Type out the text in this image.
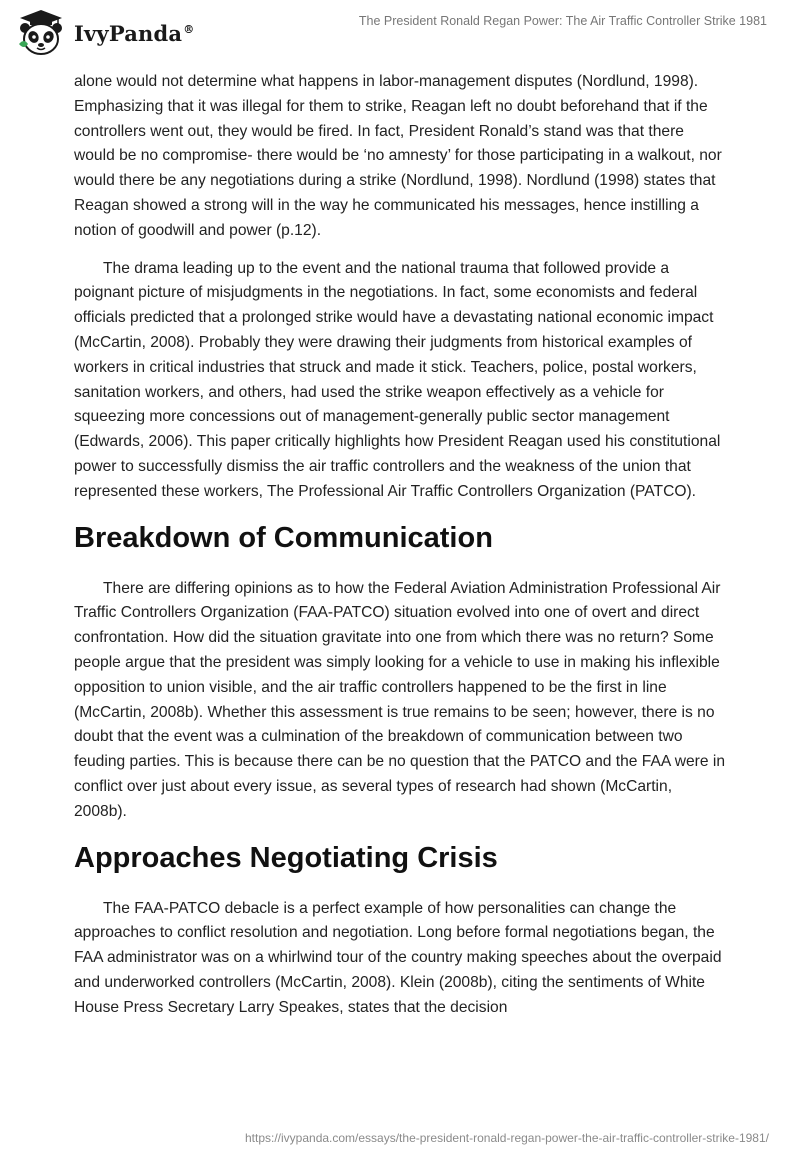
IvyPanda®
The President Ronald Regan Power: The Air Traffic Controller Strike 1981

alone would not determine what happens in labor-management disputes (Nordlund, 1998). Emphasizing that it was illegal for them to strike, Reagan left no doubt beforehand that if the controllers went out, they would be fired. In fact, President Ronald’s stand was that there would be no compromise- there would be ‘no amnesty’ for those participating in a walkout, nor would there be any negotiations during a strike (Nordlund, 1998). Nordlund (1998) states that Reagan showed a strong will in the way he communicated his messages, hence instilling a notion of goodwill and power (p.12).

The drama leading up to the event and the national trauma that followed provide a poignant picture of misjudgments in the negotiations. In fact, some economists and federal officials predicted that a prolonged strike would have a devastating national economic impact (McCartin, 2008). Probably they were drawing their judgments from historical examples of workers in critical industries that struck and made it stick. Teachers, police, postal workers, sanitation workers, and others, had used the strike weapon effectively as a vehicle for squeezing more concessions out of management-generally public sector management (Edwards, 2006). This paper critically highlights how President Reagan used his constitutional power to successfully dismiss the air traffic controllers and the weakness of the union that represented these workers, The Professional Air Traffic Controllers Organization (PATCO).

Breakdown of Communication

There are differing opinions as to how the Federal Aviation Administration Professional Air Traffic Controllers Organization (FAA-PATCO) situation evolved into one of overt and direct confrontation. How did the situation gravitate into one from which there was no return? Some people argue that the president was simply looking for a vehicle to use in making his inflexible opposition to union visible, and the air traffic controllers happened to be the first in line (McCartin, 2008b). Whether this assessment is true remains to be seen; however, there is no doubt that the event was a culmination of the breakdown of communication between two feuding parties. This is because there can be no question that the PATCO and the FAA were in conflict over just about every issue, as several types of research had shown (McCartin, 2008b).

Approaches Negotiating Crisis

The FAA-PATCO debacle is a perfect example of how personalities can change the approaches to conflict resolution and negotiation. Long before formal negotiations began, the FAA administrator was on a whirlwind tour of the country making speeches about the overpaid and underworked controllers (McCartin, 2008). Klein (2008b), citing the sentiments of White House Press Secretary Larry Speakes, states that the decision

https://ivypanda.com/essays/the-president-ronald-regan-power-the-air-traffic-controller-strike-1981/
